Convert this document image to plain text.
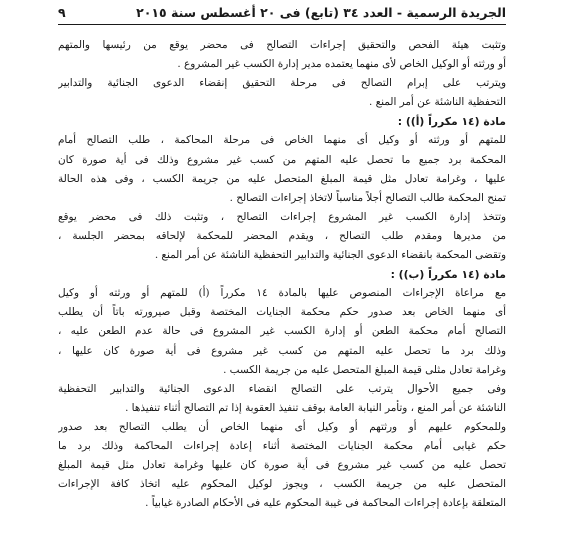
الجريدة الرسمية - العدد ٣٤ (تابع) فى ٢٠ أغسطس سنة ٢٠١٥
٩
وتثبت هيئة الفحص والتحقيق إجراءات التصالح فى محضر يوقع من رئيسها والمتهم
أو ورثته أو الوكيل الخاص لأى منهما يعتمده مدير إدارة الكسب غير المشروع .
ويترتب على إبرام التصالح فى مرحلة التحقيق إنقضاء الدعوى الجنائية والتدابير
التحفظية الناشئة عن أمر المنع .
مادة (١٤ مكرراً (أ)) :
للمتهم أو ورثته أو وكيل أى منهما الخاص فى مرحلة المحاكمة ، طلب التصالح أمام
المحكمة برد جميع ما تحصل عليه المتهم من كسب غير مشروع وذلك فى أية صورة كان
عليها ، وغرامة تعادل مثل قيمة المبلغ المتحصل عليه من جريمة الكسب ، وفى هذه الحالة
تمنح المحكمة طالب التصالح أجلاً مناسباً لاتخاذ إجراءات التصالح .
وتتخذ إدارة الكسب غير المشروع إجراءات التصالح ، وتثبت ذلك فى محضر يوقع
من مديرها ومقدم طلب التصالح ، ويقدم المحضر للمحكمة لإلحاقه بمحضر الجلسة ،
وتقضى المحكمة بانقضاء الدعوى الجنائية والتدابير التحفظية الناشئة عن أمر المنع .
مادة (١٤ مكرراً (ب)) :
مع مراعاة الإجراءات المنصوص عليها بالمادة ١٤ مكرراً (أ) للمتهم أو ورثته أو وكيل
أى منهما الخاص بعد صدور حكم محكمة الجنايات المختصة وقبل صيرورته باتاً أن يطلب
التصالح أمام محكمة الطعن أو إدارة الكسب غير المشروع فى حالة عدم الطعن عليه ،
وذلك برد ما تحصل عليه المتهم من كسب غير مشروع فى أية صورة كان عليها ،
وغرامة تعادل مثلى قيمة المبلغ المتحصل عليه من جريمة الكسب .
وفى جميع الأحوال يترتب على التصالح انقضاء الدعوى الجنائية والتدابير التحفظية
الناشئة عن أمر المنع ، وتأمر النيابة العامة بوقف تنفيذ العقوبة إذا تم التصالح أثناء تنفيذها .
وللمحكوم عليهم أو ورثتهم أو وكيل أى منهما الخاص أن يطلب التصالح بعد صدور
حكم غيابى أمام محكمة الجنايات المختصة أثناء إعادة إجراءات المحاكمة وذلك برد ما
تحصل عليه من كسب غير مشروع فى أية صورة كان عليها وغرامة تعادل مثل قيمة المبلغ
المتحصل عليه من جريمة الكسب ، ويجوز لوكيل المحكوم عليه اتخاذ كافة الإجراءات
المتعلقة بإعادة إجراءات المحاكمة فى غيبة المحكوم عليه فى الأحكام الصادرة غيابياً .
